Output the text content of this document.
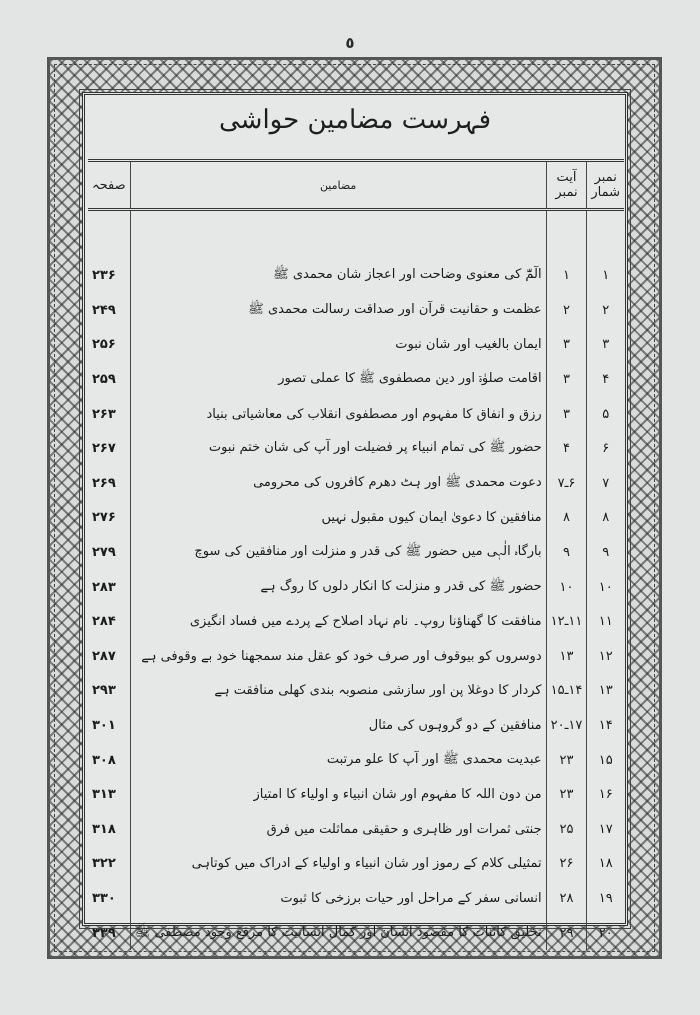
٥
فہرست مضامین حواشی
نمبر شمار	آیت نمبر	مضامین	صفحہ

۱	۱	الٓمّٓ کی معنوی وضاحت اور اعجاز شان محمدی ﷺ	۲۳۶
۲	۲	عظمت و حقانیت قرآن اور صداقت رسالت محمدی ﷺ	۲۴۹
۳	۳	ایمان بالغیب اور شان نبوت	۲۵۶
۴	۳	اقامت صلوٰۃ اور دین مصطفوی ﷺ کا عملی تصور	۲۵۹
۵	۳	رزق و انفاق کا مفہوم اور مصطفوی انقلاب کی معاشیاتی بنیاد	۲۶۳
۶	۴	حضور ﷺ کی تمام انبیاء پر فضیلت اور آپ کی شان ختم نبوت	۲۶۷
۷	۶ـ۷	دعوت محمدی ﷺ اور ہٹ دھرم کافروں کی محرومی	۲۶۹
۸	۸	منافقین کا دعویٰ ایمان کیوں مقبول نہیں	۲۷۶
۹	۹	بارگاہ الٰہی میں حضور ﷺ کی قدر و منزلت اور منافقین کی سوچ	۲۷۹
۱۰	۱۰	حضور ﷺ کی قدر و منزلت کا انکار دلوں کا روگ ہے	۲۸۳
۱۱	۱۱ـ۱۲	منافقت کا گھناؤنا روپ۔ نام نہاد اصلاح کے پردے میں فساد انگیزی	۲۸۴
۱۲	۱۳	دوسروں کو بیوقوف اور صرف خود کو عقل مند سمجھنا خود بے وقوفی ہے	۲۸۷
۱۳	۱۴ـ۱۵	کردار کا دوغلا پن اور سازشی منصوبہ بندی کھلی منافقت ہے	۲۹۳
۱۴	۱۷ـ۲۰	منافقین کے دو گروہوں کی مثال	۳۰۱
۱۵	۲۳	عبدیت محمدی ﷺ اور آپ کا علو مرتبت	۳۰۸
۱۶	۲۳	من دون اللہ کا مفہوم اور شان انبیاء و اولیاء کا امتیاز	۳۱۳
۱۷	۲۵	جنتی ثمرات اور ظاہری و حقیقی مماثلت میں فرق	۳۱۸
۱۸	۲۶	تمثیلی کلام کے رموز اور شان انبیاء و اولیاء کے ادراک میں کوتاہی	۳۲۲
۱۹	۲۸	انسانی سفر کے مراحل اور حیات برزخی کا ثبوت	۳۳۰
۲۰	۲۹	تخلیق کائنات کا مقصود انسان اور کمال انسانیت کا مرقع وجود مصطفی ﷺ	۳۳۹
